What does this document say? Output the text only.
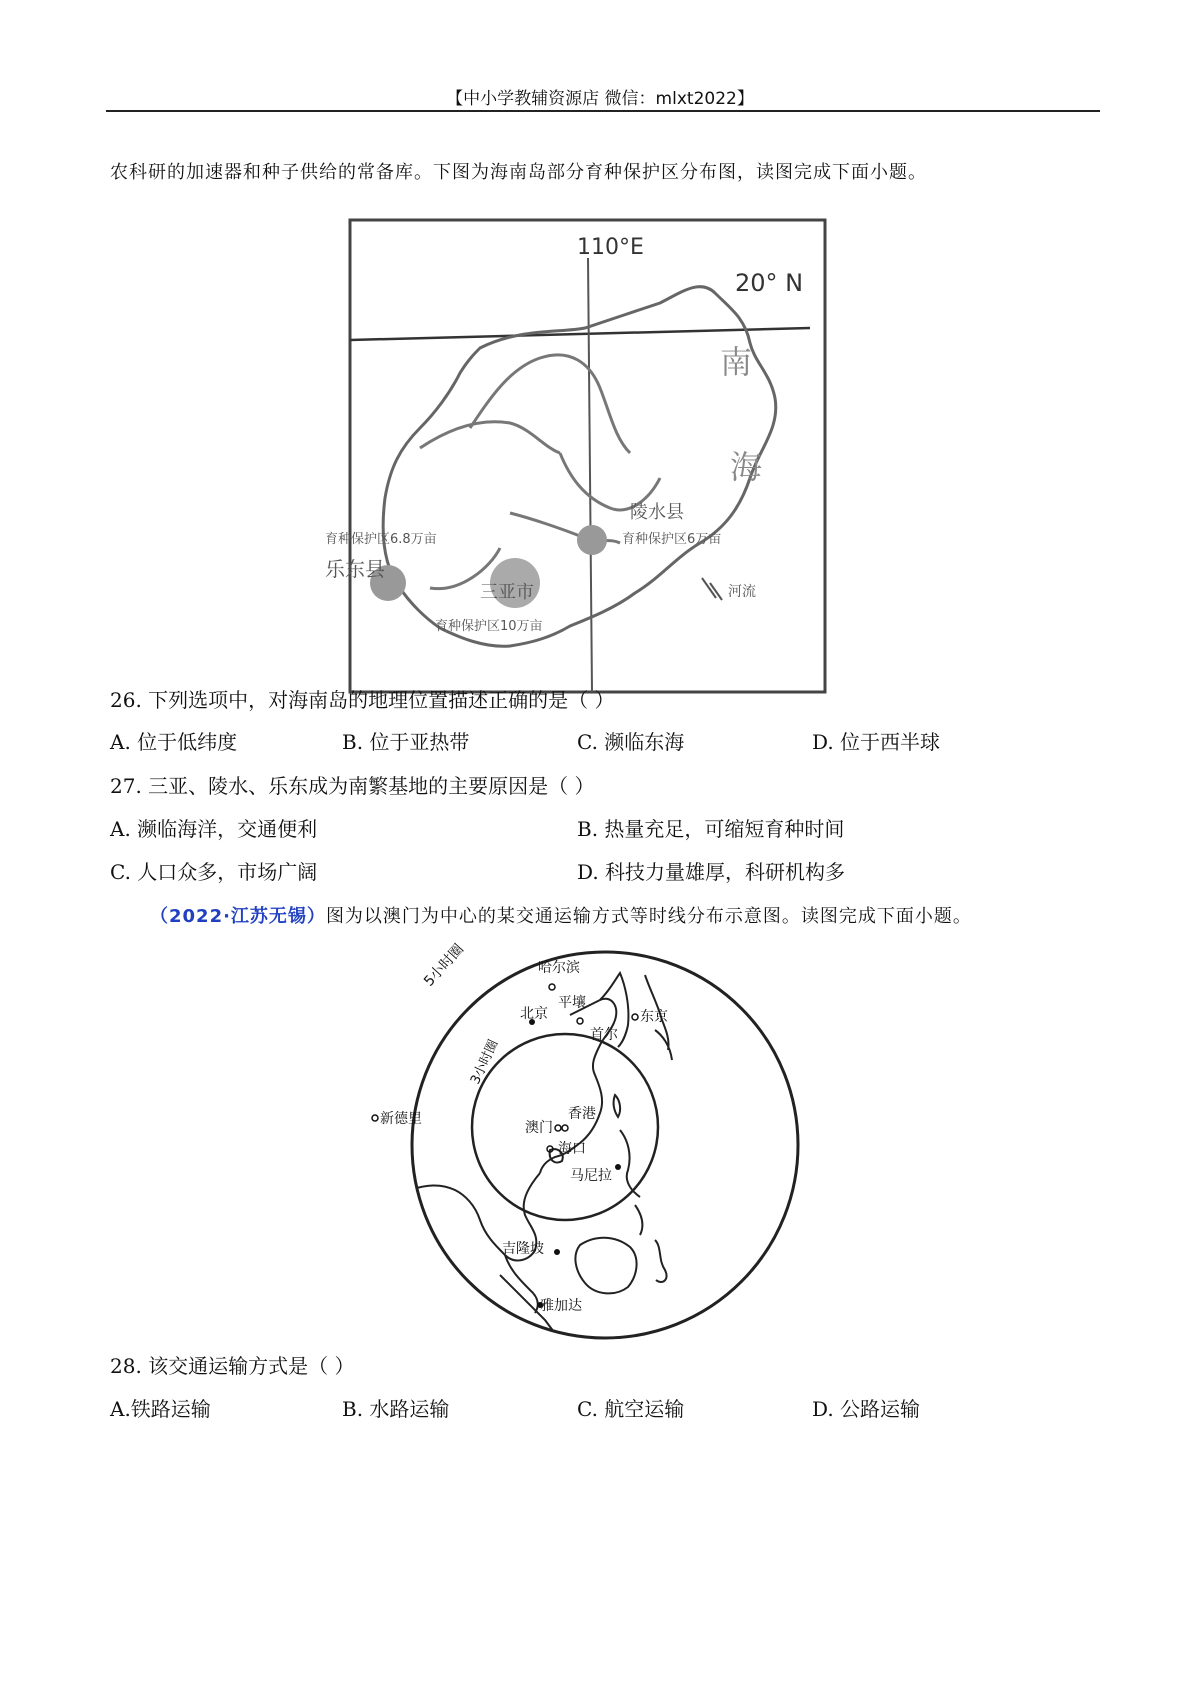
【中小学教辅资源店 微信：mlxt2022】
农科研的加速器和种子供给的常备库。下图为海南岛部分育种保护区分布图，读图完成下面小题。
110°E
20° N
育种保护区6.8万亩
乐东县
陵水县
育种保护区6万亩
三亚市
育种保护区10万亩
南
海
河流
26. 下列选项中，对海南岛的地理位置描述正确的是（ ）
A. 位于低纬度	B. 位于亚热带	C. 濒临东海	D. 位于西半球
27. 三亚、陵水、乐东成为南繁基地的主要原因是（ ）
A. 濒临海洋，交通便利	B. 热量充足，可缩短育种时间
C. 人口众多，市场广阔	D. 科技力量雄厚，科研机构多
（2022·江苏无锡）图为以澳门为中心的某交通运输方式等时线分布示意图。读图完成下面小题。
5小时圈
3小时圈
哈尔滨
平壤
北京
首尔
东京
新德里
澳门
香港
海口
马尼拉
吉隆坡
雅加达
28. 该交通运输方式是（ ）
A.铁路运输	B. 水路运输	C. 航空运输	D. 公路运输
